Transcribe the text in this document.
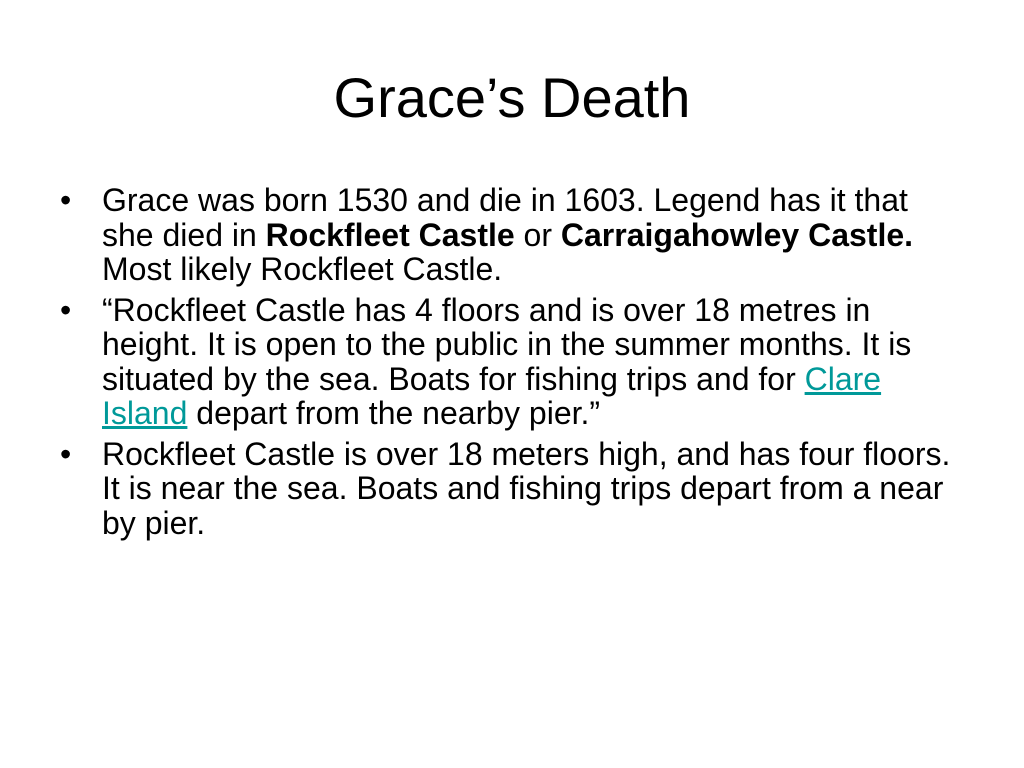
Grace’s Death
• Grace was born 1530 and die in 1603. Legend has it that she died in Rockfleet Castle or Carraigahowley Castle. Most likely Rockfleet Castle.
• “Rockfleet Castle has 4 floors and is over 18 metres in height. It is open to the public in the summer months. It is situated by the sea. Boats for fishing trips and for Clare Island depart from the nearby pier.”
• Rockfleet Castle is over 18 meters high, and has four floors. It is near the sea. Boats and fishing trips depart from a near by pier.
